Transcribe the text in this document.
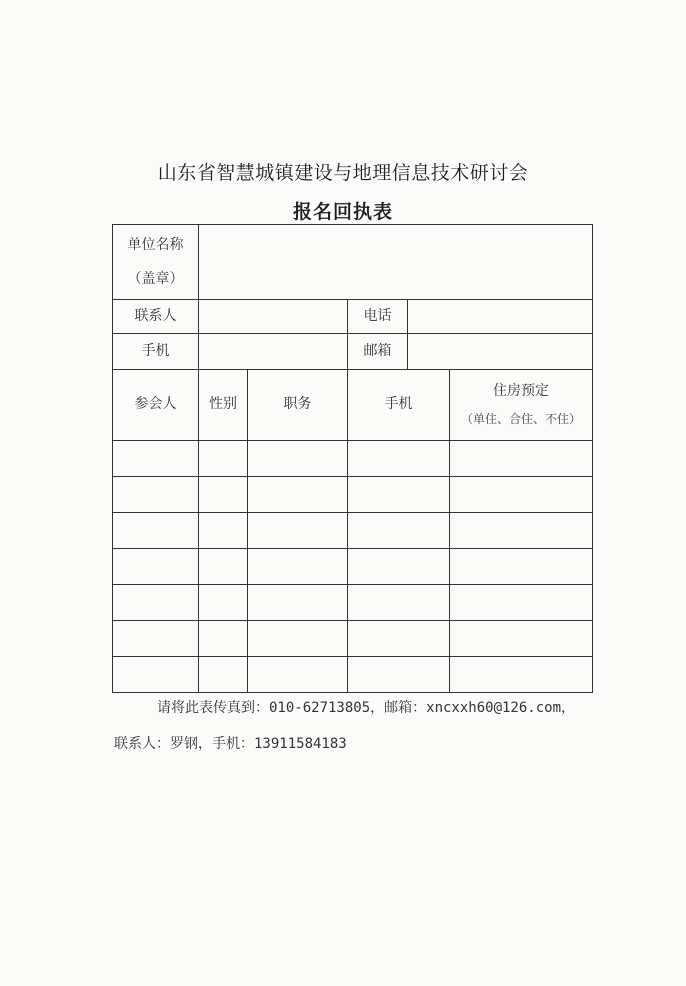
山东省智慧城镇建设与地理信息技术研讨会
报名回执表
单位名称
（盖章）					

联系人			电话		
手机			邮箱		
参会人	性别	职务	手机		住房预定
（单住、合住、不住）

请将此表传真到：010-62713805，邮箱：xncxxh60@126.com，
联系人：罗钢，手机：13911584183
